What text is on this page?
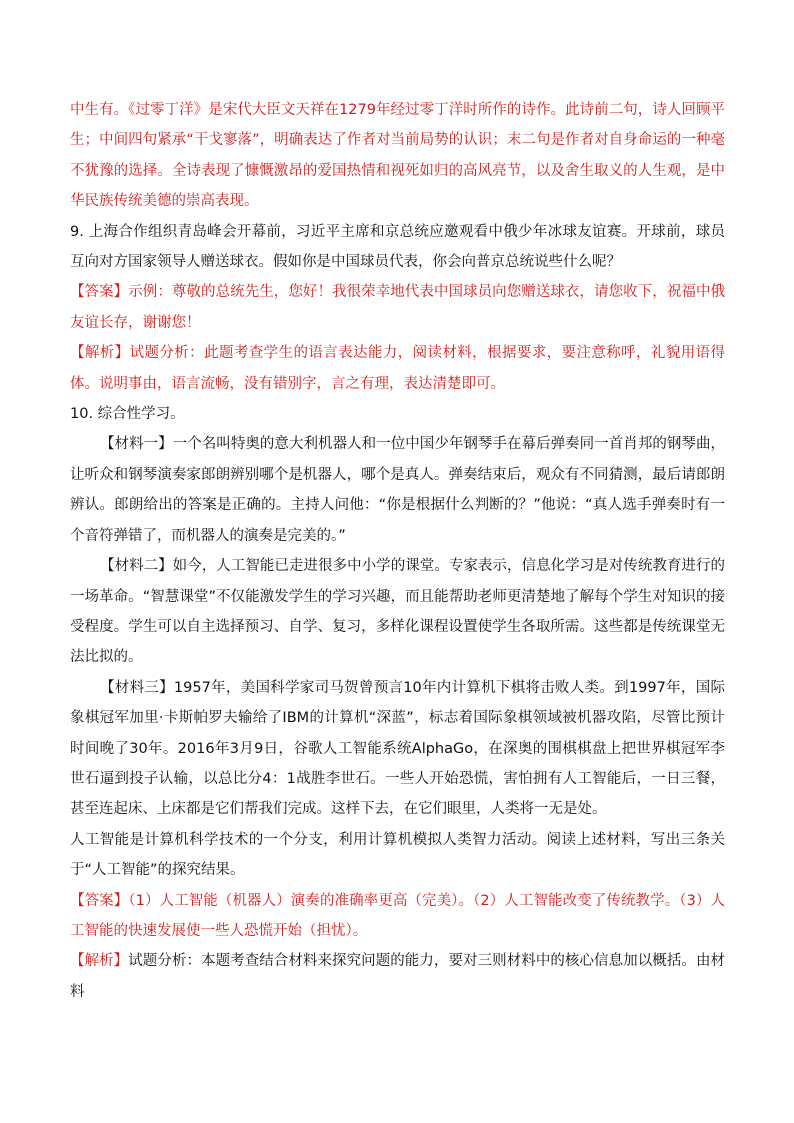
中生有。《过零丁洋》是宋代大臣文天祥在1279年经过零丁洋时所作的诗作。此诗前二句，诗人回顾平生；中间四句紧承“干戈寥落”，明确表达了作者对当前局势的认识；末二句是作者对自身命运的一种毫不犹豫的选择。全诗表现了慷慨激昂的爱国热情和视死如归的高风亮节，以及舍生取义的人生观，是中华民族传统美德的崇高表现。

9. 上海合作组织青岛峰会开幕前，习近平主席和京总统应邀观看中俄少年冰球友谊赛。开球前，球员互向对方国家领导人赠送球衣。假如你是中国球员代表，你会向普京总统说些什么呢？

【答案】示例：尊敬的总统先生，您好！我很荣幸地代表中国球员向您赠送球衣，请您收下，祝福中俄友谊长存，谢谢您！

【解析】试题分析：此题考查学生的语言表达能力，阅读材料，根据要求，要注意称呼，礼貌用语得体。说明事由，语言流畅，没有错别字，言之有理，表达清楚即可。

10. 综合性学习。

【材料一】一个名叫特奥的意大利机器人和一位中国少年钢琴手在幕后弹奏同一首肖邦的钢琴曲，让听众和钢琴演奏家郎朗辨别哪个是机器人，哪个是真人。弹奏结束后，观众有不同猜测，最后请郎朗辨认。郎朗给出的答案是正确的。主持人问他：“你是根据什么判断的？”他说：“真人选手弹奏时有一个音符弹错了，而机器人的演奏是完美的。”

【材料二】如今，人工智能已走进很多中小学的课堂。专家表示，信息化学习是对传统教育进行的一场革命。“智慧课堂”不仅能激发学生的学习兴趣，而且能帮助老师更清楚地了解每个学生对知识的接受程度。学生可以自主选择预习、自学、复习，多样化课程设置使学生各取所需。这些都是传统课堂无法比拟的。

【材料三】1957年，美国科学家司马贺曾预言10年内计算机下棋将击败人类。到1997年，国际象棋冠军加里·卡斯帕罗夫输给了IBM的计算机“深蓝”，标志着国际象棋领域被机器攻陷，尽管比预计时间晚了30年。2016年3月9日，谷歌人工智能系统AlphaGo，在深奥的围棋棋盘上把世界棋冠军李世石逼到投子认输，以总比分4：1战胜李世石。一些人开始恐慌，害怕拥有人工智能后，一日三餐，甚至连起床、上床都是它们帮我们完成。这样下去，在它们眼里，人类将一无是处。

人工智能是计算机科学技术的一个分支，利用计算机模拟人类智力活动。阅读上述材料，写出三条关于“人工智能”的探究结果。

【答案】（1）人工智能（机器人）演奏的准确率更高（完美）。（2）人工智能改变了传统教学。（3）人工智能的快速发展使一些人恐慌开始（担忧）。

【解析】试题分析：本题考查结合材料来探究问题的能力，要对三则材料中的核心信息加以概括。由材料
